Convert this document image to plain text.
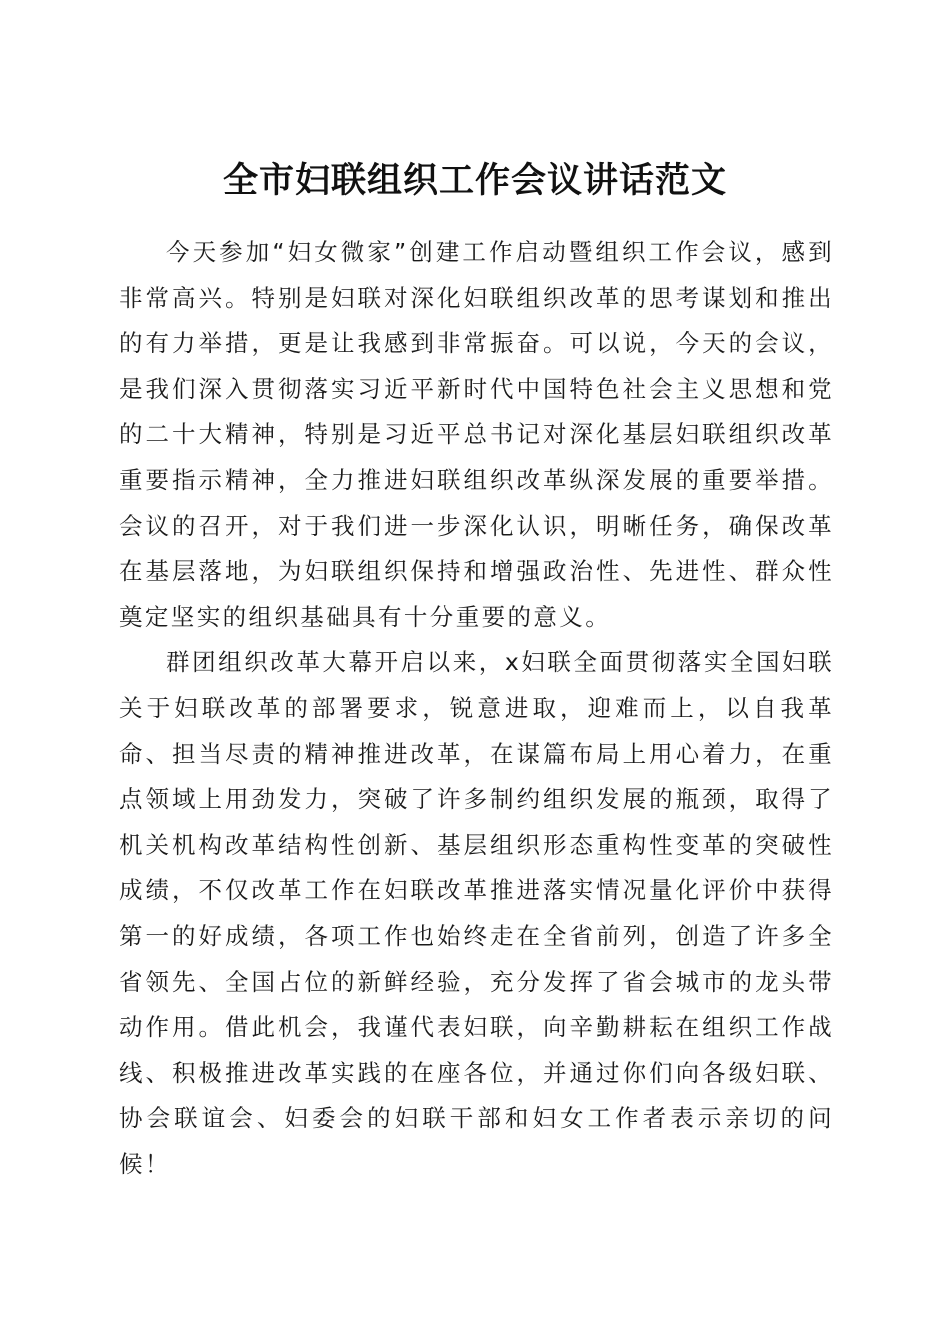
全市妇联组织工作会议讲话范文

今天参加“妇女微家”创建工作启动暨组织工作会议，感到非常高兴。特别是妇联对深化妇联组织改革的思考谋划和推出的有力举措，更是让我感到非常振奋。可以说，今天的会议，是我们深入贯彻落实习近平新时代中国特色社会主义思想和党的二十大精神，特别是习近平总书记对深化基层妇联组织改革重要指示精神，全力推进妇联组织改革纵深发展的重要举措。会议的召开，对于我们进一步深化认识，明晰任务，确保改革在基层落地，为妇联组织保持和增强政治性、先进性、群众性奠定坚实的组织基础具有十分重要的意义。

群团组织改革大幕开启以来，x妇联全面贯彻落实全国妇联关于妇联改革的部署要求，锐意进取，迎难而上，以自我革命、担当尽责的精神推进改革，在谋篇布局上用心着力，在重点领域上用劲发力，突破了许多制约组织发展的瓶颈，取得了机关机构改革结构性创新、基层组织形态重构性变革的突破性成绩，不仅改革工作在妇联改革推进落实情况量化评价中获得第一的好成绩，各项工作也始终走在全省前列，创造了许多全省领先、全国占位的新鲜经验，充分发挥了省会城市的龙头带动作用。借此机会，我谨代表妇联，向辛勤耕耘在组织工作战线、积极推进改革实践的在座各位，并通过你们向各级妇联、协会联谊会、妇委会的妇联干部和妇女工作者表示亲切的问候！
